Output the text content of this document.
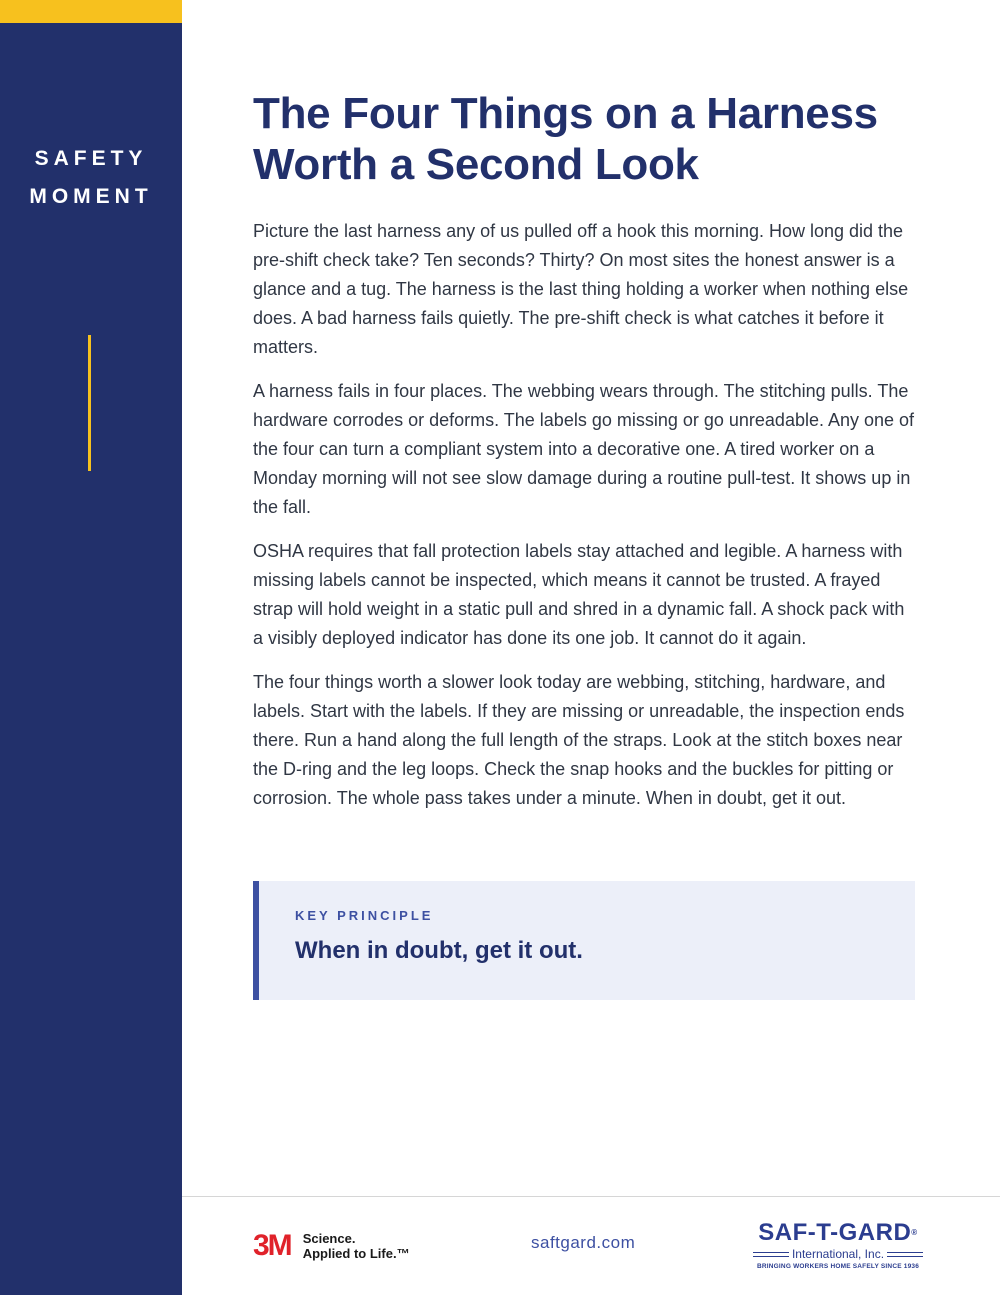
SAFETY
MOMENT
The Four Things on a Harness Worth a Second Look

Picture the last harness any of us pulled off a hook this morning. How long did the pre-shift check take? Ten seconds? Thirty? On most sites the honest answer is a glance and a tug. The harness is the last thing holding a worker when nothing else does. A bad harness fails quietly. The pre-shift check is what catches it before it matters.

A harness fails in four places. The webbing wears through. The stitching pulls. The hardware corrodes or deforms. The labels go missing or go unreadable. Any one of the four can turn a compliant system into a decorative one. A tired worker on a Monday morning will not see slow damage during a routine pull-test. It shows up in the fall.

OSHA requires that fall protection labels stay attached and legible. A harness with missing labels cannot be inspected, which means it cannot be trusted. A frayed strap will hold weight in a static pull and shred in a dynamic fall. A shock pack with a visibly deployed indicator has done its one job. It cannot do it again.

The four things worth a slower look today are webbing, stitching, hardware, and labels. Start with the labels. If they are missing or unreadable, the inspection ends there. Run a hand along the full length of the straps. Look at the stitch boxes near the D-ring and the leg loops. Check the snap hooks and the buckles for pitting or corrosion. The whole pass takes under a minute. When in doubt, get it out.

KEY PRINCIPLE
When in doubt, get it out.
3M Science.
Applied to Life.™
saftgard.com	SAF-T-GARD®
International, Inc.
BRINGING WORKERS HOME SAFELY SINCE 1936
